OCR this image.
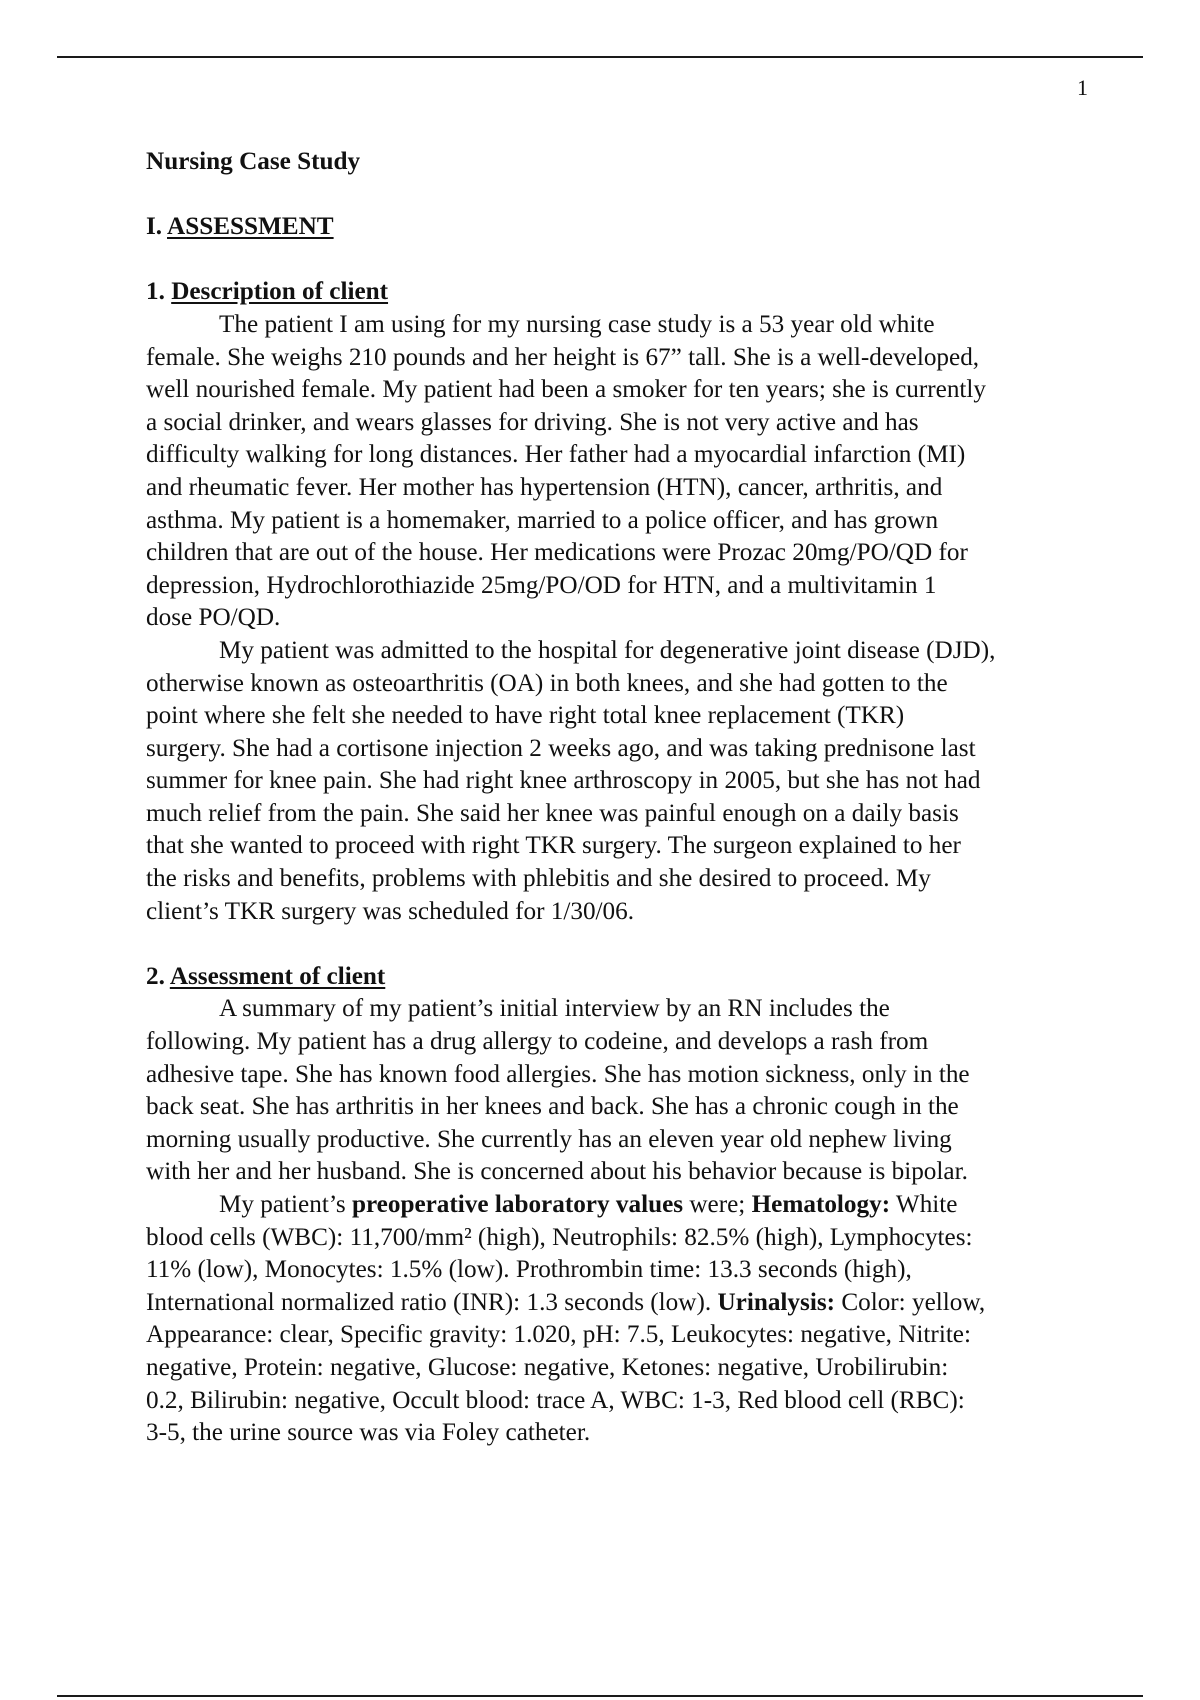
1
Nursing Case Study
I. ASSESSMENT
1. Description of client
The patient I am using for my nursing case study is a 53 year old white
female. She weighs 210 pounds and her height is 67” tall. She is a well-developed,
well nourished female. My patient had been a smoker for ten years; she is currently
a social drinker, and wears glasses for driving. She is not very active and has
difficulty walking for long distances. Her father had a myocardial infarction (MI)
and rheumatic fever. Her mother has hypertension (HTN), cancer, arthritis, and
asthma. My patient is a homemaker, married to a police officer, and has grown
children that are out of the house. Her medications were Prozac 20mg/PO/QD for
depression, Hydrochlorothiazide 25mg/PO/OD for HTN, and a multivitamin 1
dose PO/QD.
My patient was admitted to the hospital for degenerative joint disease (DJD),
otherwise known as osteoarthritis (OA) in both knees, and she had gotten to the
point where she felt she needed to have right total knee replacement (TKR)
surgery. She had a cortisone injection 2 weeks ago, and was taking prednisone last
summer for knee pain. She had right knee arthroscopy in 2005, but she has not had
much relief from the pain. She said her knee was painful enough on a daily basis
that she wanted to proceed with right TKR surgery. The surgeon explained to her
the risks and benefits, problems with phlebitis and she desired to proceed. My
client’s TKR surgery was scheduled for 1/30/06.
2. Assessment of client
A summary of my patient’s initial interview by an RN includes the
following. My patient has a drug allergy to codeine, and develops a rash from
adhesive tape. She has known food allergies. She has motion sickness, only in the
back seat. She has arthritis in her knees and back. She has a chronic cough in the
morning usually productive. She currently has an eleven year old nephew living
with her and her husband. She is concerned about his behavior because is bipolar.
My patient’s preoperative laboratory values were; Hematology: White
blood cells (WBC): 11,700/mm² (high), Neutrophils: 82.5% (high), Lymphocytes:
11% (low), Monocytes: 1.5% (low). Prothrombin time: 13.3 seconds (high),
International normalized ratio (INR): 1.3 seconds (low). Urinalysis: Color: yellow,
Appearance: clear, Specific gravity: 1.020, pH: 7.5, Leukocytes: negative, Nitrite:
negative, Protein: negative, Glucose: negative, Ketones: negative, Urobilirubin:
0.2, Bilirubin: negative, Occult blood: trace A, WBC: 1-3, Red blood cell (RBC):
3-5, the urine source was via Foley catheter.
